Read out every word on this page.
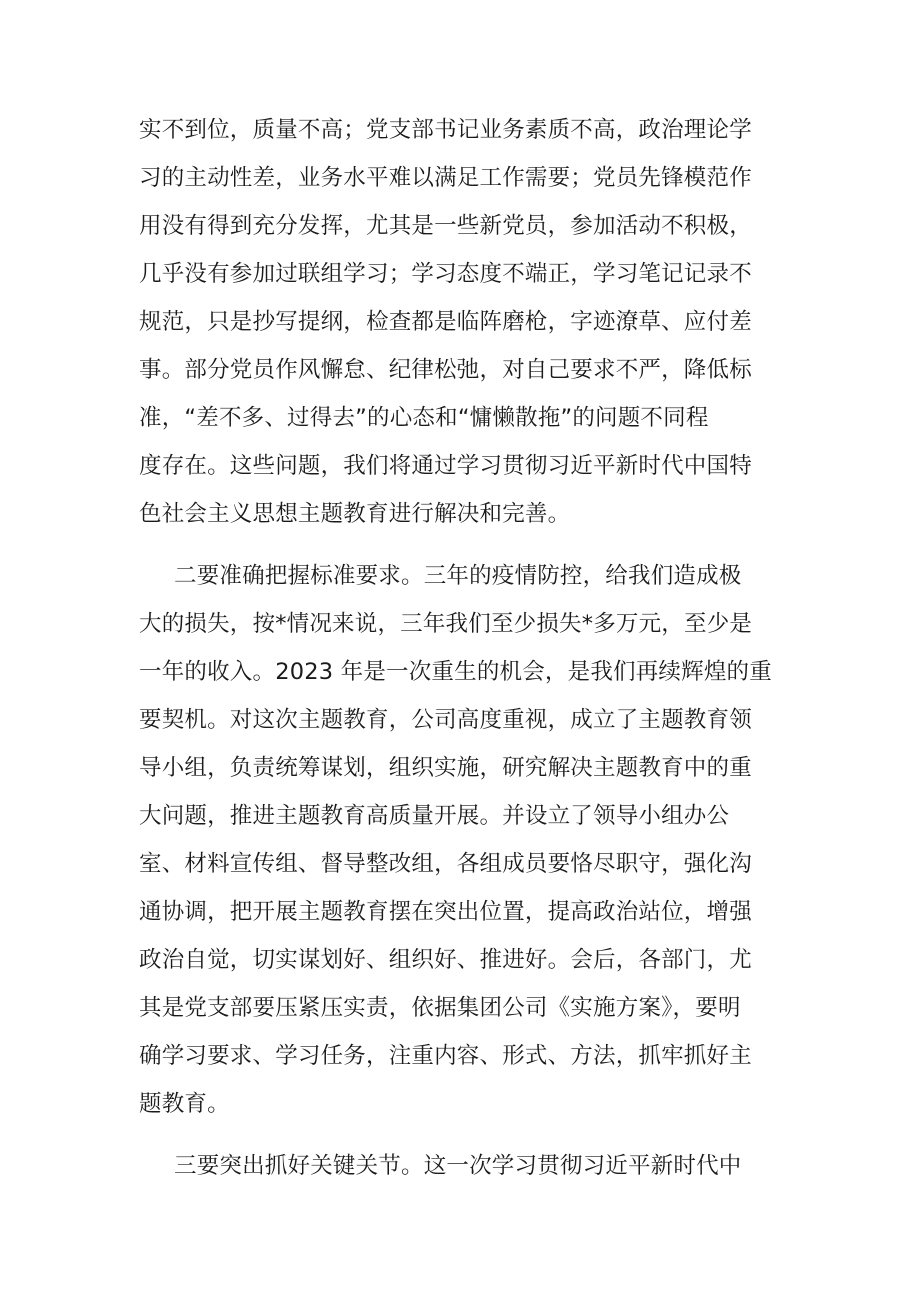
实不到位，质量不高；党支部书记业务素质不高，政治理论学
习的主动性差，业务水平难以满足工作需要；党员先锋模范作
用没有得到充分发挥，尤其是一些新党员，参加活动不积极，
几乎没有参加过联组学习；学习态度不端正，学习笔记记录不
规范，只是抄写提纲，检查都是临阵磨枪，字迹潦草、应付差
事。部分党员作风懈怠、纪律松弛，对自己要求不严，降低标
准，“差不多、过得去”的心态和“慵懒散拖”的问题不同程
度存在。这些问题，我们将通过学习贯彻习近平新时代中国特
色社会主义思想主题教育进行解决和完善。
二要准确把握标准要求。三年的疫情防控，给我们造成极
大的损失，按*情况来说，三年我们至少损失*多万元，至少是
一年的收入。2023 年是一次重生的机会，是我们再续辉煌的重
要契机。对这次主题教育，公司高度重视，成立了主题教育领
导小组，负责统筹谋划，组织实施，研究解决主题教育中的重
大问题，推进主题教育高质量开展。并设立了领导小组办公
室、材料宣传组、督导整改组，各组成员要恪尽职守，强化沟
通协调，把开展主题教育摆在突出位置，提高政治站位，增强
政治自觉，切实谋划好、组织好、推进好。会后，各部门，尤
其是党支部要压紧压实责，依据集团公司《实施方案》，要明
确学习要求、学习任务，注重内容、形式、方法，抓牢抓好主
题教育。
三要突出抓好关键关节。这一次学习贯彻习近平新时代中
